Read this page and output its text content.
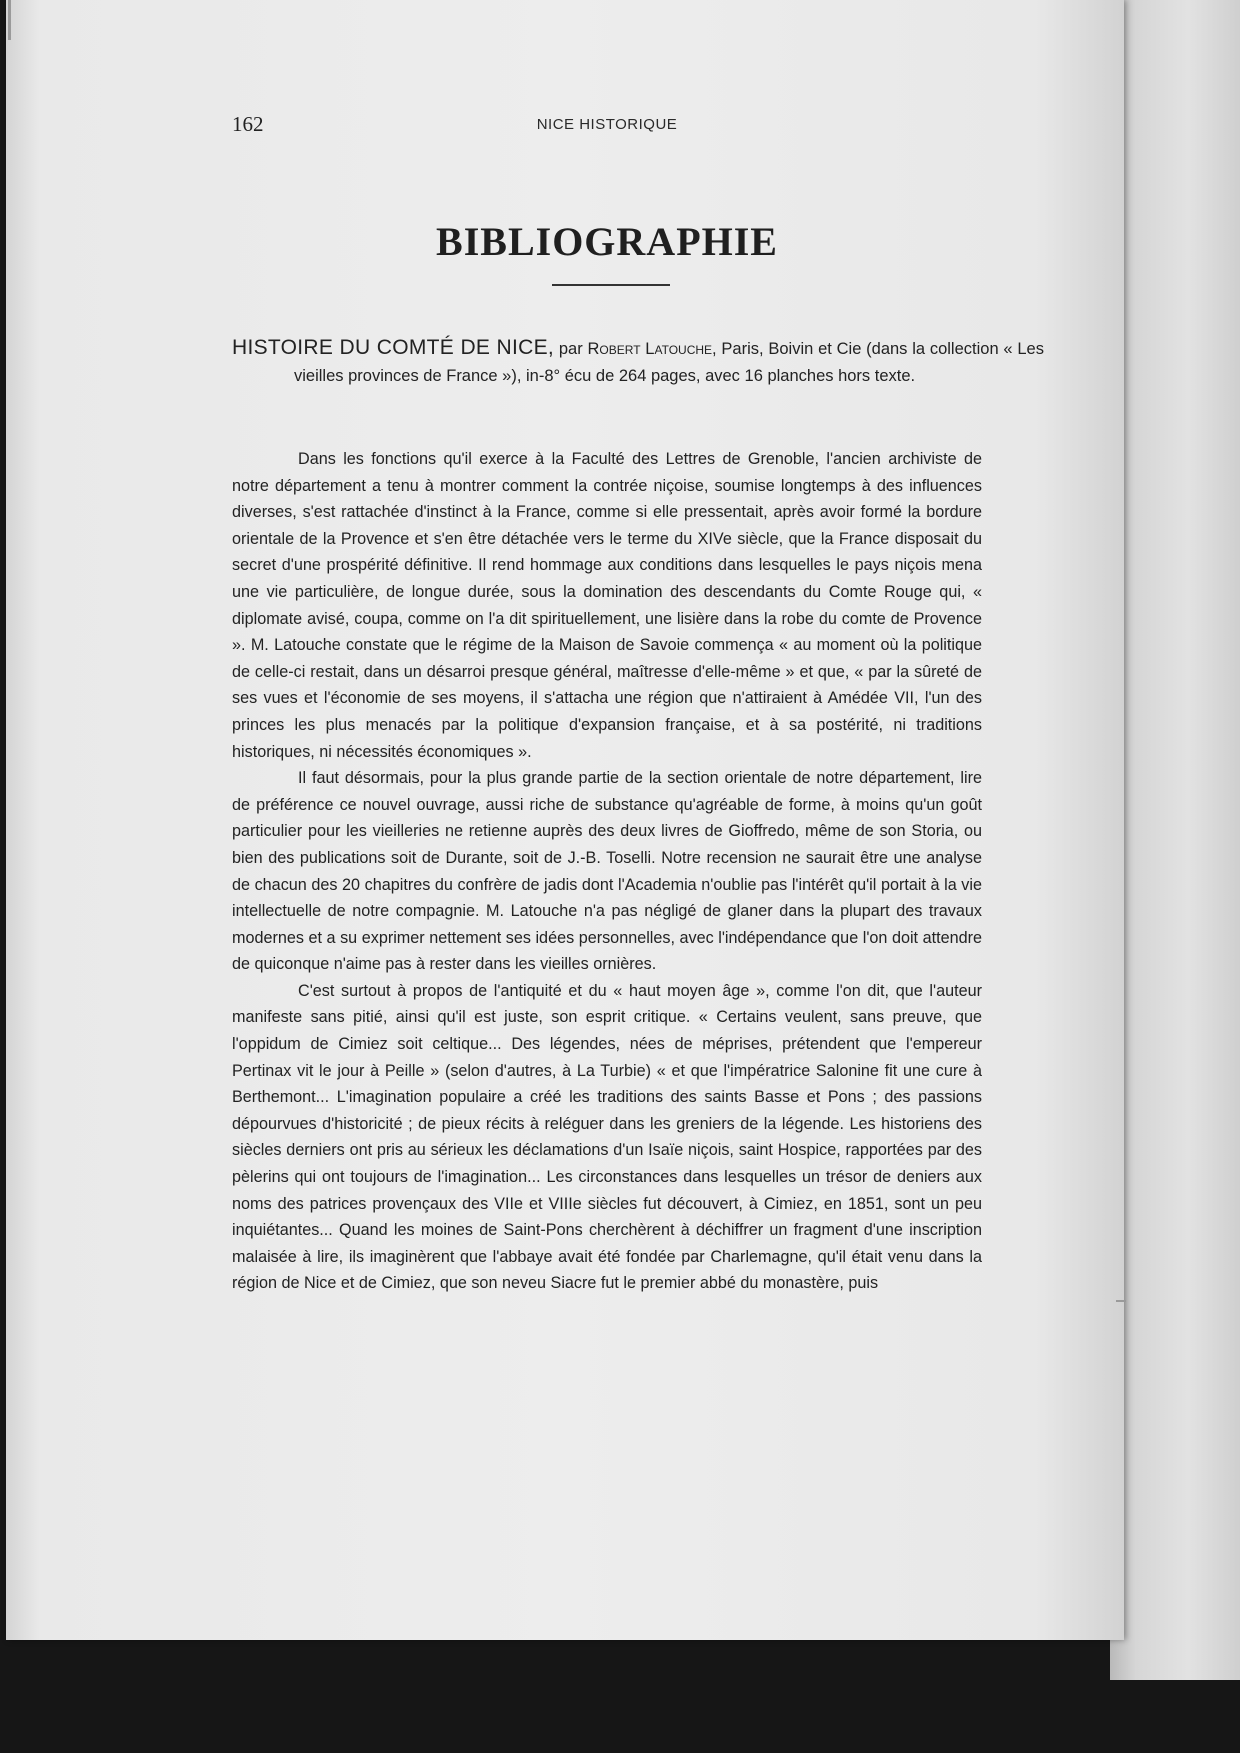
162	NICE HISTORIQUE
BIBLIOGRAPHIE
HISTOIRE DU COMTÉ DE NICE, par Robert Latouche, Paris, Boivin et Cie (dans la collection « Les vieilles provinces de France »), in-8° écu de 264 pages, avec 16 planches hors texte.

Dans les fonctions qu'il exerce à la Faculté des Lettres de Grenoble, l'ancien archiviste de notre département a tenu à montrer comment la contrée niçoise, soumise longtemps à des influences diverses, s'est rattachée d'instinct à la France, comme si elle pressentait, après avoir formé la bordure orientale de la Provence et s'en être détachée vers le terme du XIVe siècle, que la France disposait du secret d'une prospérité définitive. Il rend hommage aux conditions dans lesquelles le pays niçois mena une vie particulière, de longue durée, sous la domination des descendants du Comte Rouge qui, « diplomate avisé, coupa, comme on l'a dit spirituellement, une lisière dans la robe du comte de Provence ». M. Latouche constate que le régime de la Maison de Savoie commença « au moment où la politique de celle-ci restait, dans un désarroi presque général, maîtresse d'elle-même » et que, « par la sûreté de ses vues et l'économie de ses moyens, il s'attacha une région que n'attiraient à Amédée VII, l'un des princes les plus menacés par la politique d'expansion française, et à sa postérité, ni traditions historiques, ni nécessités économiques ».

Il faut désormais, pour la plus grande partie de la section orientale de notre département, lire de préférence ce nouvel ouvrage, aussi riche de substance qu'agréable de forme, à moins qu'un goût particulier pour les vieilleries ne retienne auprès des deux livres de Gioffredo, même de son Storia, ou bien des publications soit de Durante, soit de J.-B. Toselli. Notre recension ne saurait être une analyse de chacun des 20 chapitres du confrère de jadis dont l'Academia n'oublie pas l'intérêt qu'il portait à la vie intellectuelle de notre compagnie. M. Latouche n'a pas négligé de glaner dans la plupart des travaux modernes et a su exprimer nettement ses idées personnelles, avec l'indépendance que l'on doit attendre de quiconque n'aime pas à rester dans les vieilles ornières.

C'est surtout à propos de l'antiquité et du « haut moyen âge », comme l'on dit, que l'auteur manifeste sans pitié, ainsi qu'il est juste, son esprit critique. « Certains veulent, sans preuve, que l'oppidum de Cimiez soit celtique... Des légendes, nées de méprises, prétendent que l'empereur Pertinax vit le jour à Peille » (selon d'autres, à La Turbie) « et que l'impératrice Salonine fit une cure à Berthemont... L'imagination populaire a créé les traditions des saints Basse et Pons ; des passions dépourvues d'historicité ; de pieux récits à reléguer dans les greniers de la légende. Les historiens des siècles derniers ont pris au sérieux les déclamations d'un Isaïe niçois, saint Hospice, rapportées par des pèlerins qui ont toujours de l'imagination... Les circonstances dans lesquelles un trésor de deniers aux noms des patrices provençaux des VIIe et VIIIe siècles fut découvert, à Cimiez, en 1851, sont un peu inquiétantes... Quand les moines de Saint-Pons cherchèrent à déchiffrer un fragment d'une inscription malaisée à lire, ils imaginèrent que l'abbaye avait été fondée par Charlemagne, qu'il était venu dans la région de Nice et de Cimiez, que son neveu Siacre fut le premier abbé du monastère, puis
